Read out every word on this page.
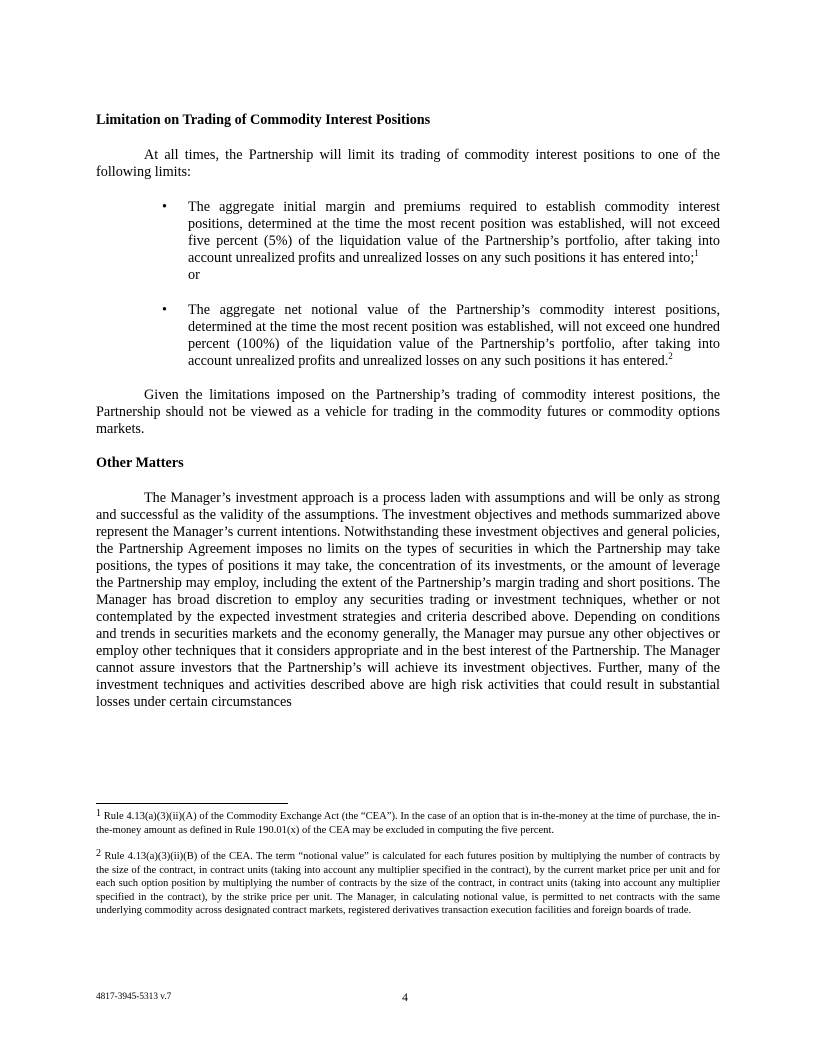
Limitation on Trading of Commodity Interest Positions

At all times, the Partnership will limit its trading of commodity interest positions to one of the following limits:

• The aggregate initial margin and premiums required to establish commodity interest positions, determined at the time the most recent position was established, will not exceed five percent (5%) of the liquidation value of the Partnership’s portfolio, after taking into account unrealized profits and unrealized losses on any such positions it has entered into;$^1$
or
• The aggregate net notional value of the Partnership’s commodity interest positions, determined at the time the most recent position was established, will not exceed one hundred percent (100%) of the liquidation value of the Partnership’s portfolio, after taking into account unrealized profits and unrealized losses on any such positions it has entered.$^2$

Given the limitations imposed on the Partnership’s trading of commodity interest positions, the Partnership should not be viewed as a vehicle for trading in the commodity futures or commodity options markets.

Other Matters

The Manager’s investment approach is a process laden with assumptions and will be only as strong and successful as the validity of the assumptions. The investment objectives and methods summarized above represent the Manager’s current intentions. Notwithstanding these investment objectives and general policies, the Partnership Agreement imposes no limits on the types of securities in which the Partnership may take positions, the types of positions it may take, the concentration of its investments, or the amount of leverage the Partnership may employ, including the extent of the Partnership’s margin trading and short positions. The Manager has broad discretion to employ any securities trading or investment techniques, whether or not contemplated by the expected investment strategies and criteria described above. Depending on conditions and trends in securities markets and the economy generally, the Manager may pursue any other objectives or employ other techniques that it considers appropriate and in the best interest of the Partnership. The Manager cannot assure investors that the Partnership’s will achieve its investment objectives. Further, many of the investment techniques and activities described above are high risk activities that could result in substantial losses under certain circumstances

$^1$ Rule 4.13(a)(3)(ii)(A) of the Commodity Exchange Act (the “CEA”). In the case of an option that is in-the-money at the time of purchase, the in-the-money amount as defined in Rule 190.01(x) of the CEA may be excluded in computing the five percent.

$^2$ Rule 4.13(a)(3)(ii)(B) of the CEA. The term “notional value” is calculated for each futures position by multiplying the number of contracts by the size of the contract, in contract units (taking into account any multiplier specified in the contract), by the current market price per unit and for each such option position by multiplying the number of contracts by the size of the contract, in contract units (taking into account any multiplier specified in the contract), by the strike price per unit. The Manager, in calculating notional value, is permitted to net contracts with the same underlying commodity across designated contract markets, registered derivatives transaction execution facilities and foreign boards of trade.

4817-3945-5313 v.7	4
